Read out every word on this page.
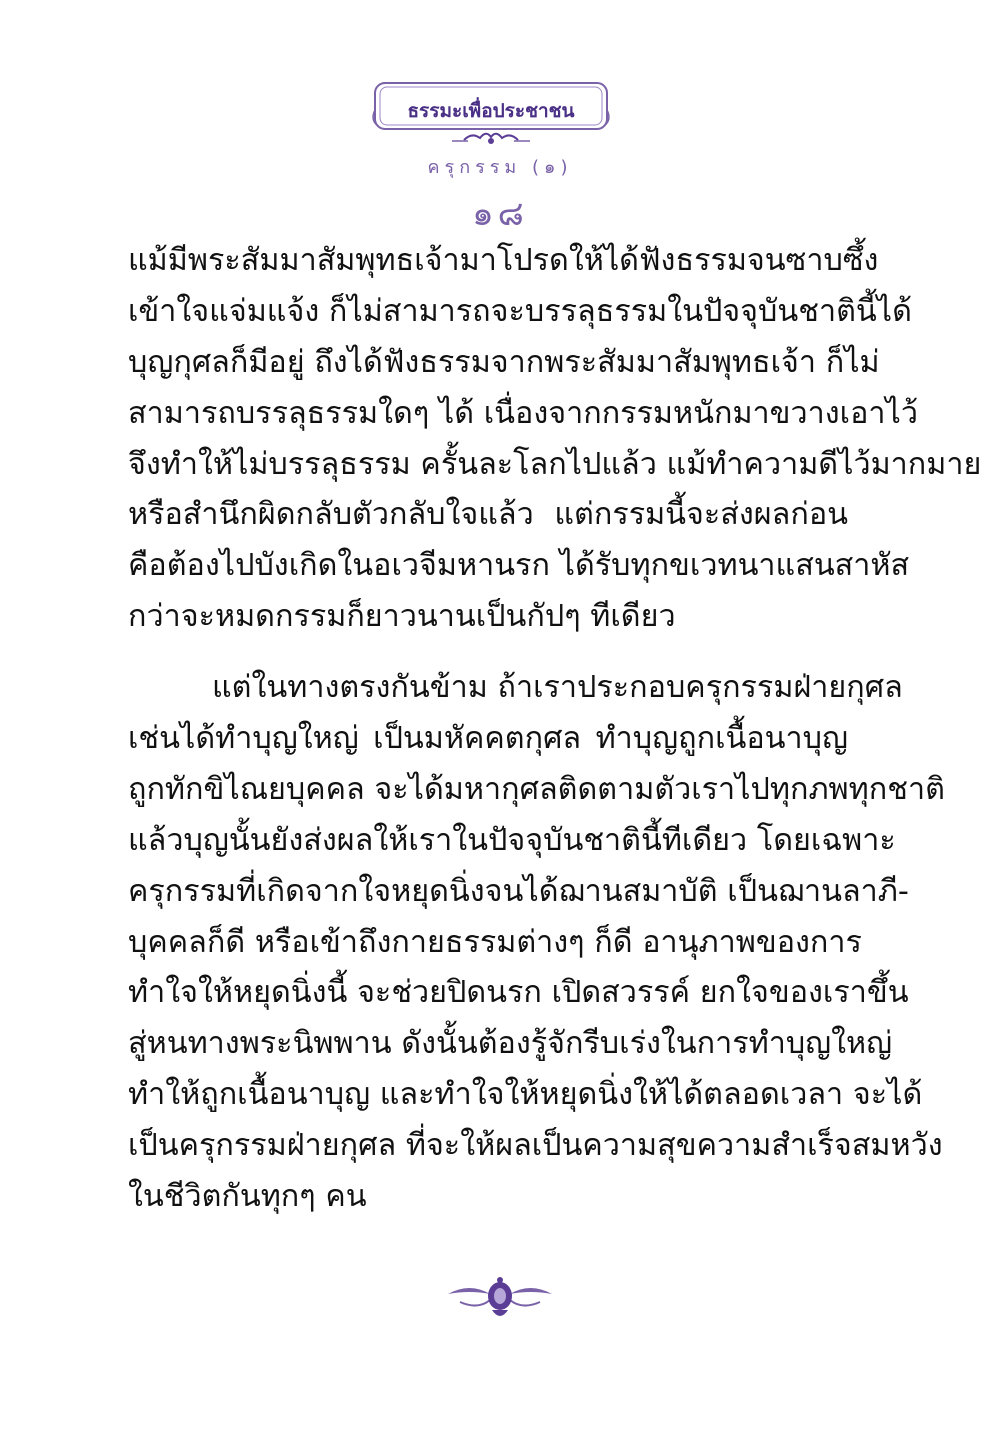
ธรรมะเพื่อประชาชน
ครุกรรม (๑)
๑๘
แม้มีพระสัมมาสัมพุทธเจ้ามาโปรดให้ได้ฟังธรรมจนซาบซึ้ง
เข้าใจแจ่มแจ้ง ก็ไม่สามารถจะบรรลุธรรมในปัจจุบันชาตินี้ได้
บุญกุศลก็มีอยู่ ถึงได้ฟังธรรมจากพระสัมมาสัมพุทธเจ้า ก็ไม่
สามารถบรรลุธรรมใดๆ ได้ เนื่องจากกรรมหนักมาขวางเอาไว้
จึงทำให้ไม่บรรลุธรรม ครั้นละโลกไปแล้ว แม้ทำความดีไว้มากมาย
หรือสำนึกผิดกลับตัวกลับใจแล้ว แต่กรรมนี้จะส่งผลก่อน
คือต้องไปบังเกิดในอเวจีมหานรก ได้รับทุกขเวทนาแสนสาหัส
กว่าจะหมดกรรมก็ยาวนานเป็นกัปๆ ทีเดียว
แต่ในทางตรงกันข้าม ถ้าเราประกอบครุกรรมฝ่ายกุศล
เช่นได้ทำบุญใหญ่ เป็นมหัคคตกุศล ทำบุญถูกเนื้อนาบุญ
ถูกทักขิไณยบุคคล จะได้มหากุศลติดตามตัวเราไปทุกภพทุกชาติ
แล้วบุญนั้นยังส่งผลให้เราในปัจจุบันชาตินี้ทีเดียว โดยเฉพาะ
ครุกรรมที่เกิดจากใจหยุดนิ่งจนได้ฌานสมาบัติ เป็นฌานลาภี-
บุคคลก็ดี หรือเข้าถึงกายธรรมต่างๆ ก็ดี อานุภาพของการ
ทำใจให้หยุดนิ่งนี้ จะช่วยปิดนรก เปิดสวรรค์ ยกใจของเราขึ้น
สู่หนทางพระนิพพาน ดังนั้นต้องรู้จักรีบเร่งในการทำบุญใหญ่
ทำให้ถูกเนื้อนาบุญ และทำใจให้หยุดนิ่งให้ได้ตลอดเวลา จะได้
เป็นครุกรรมฝ่ายกุศล ที่จะให้ผลเป็นความสุขความสำเร็จสมหวัง
ในชีวิตกันทุกๆ คน
